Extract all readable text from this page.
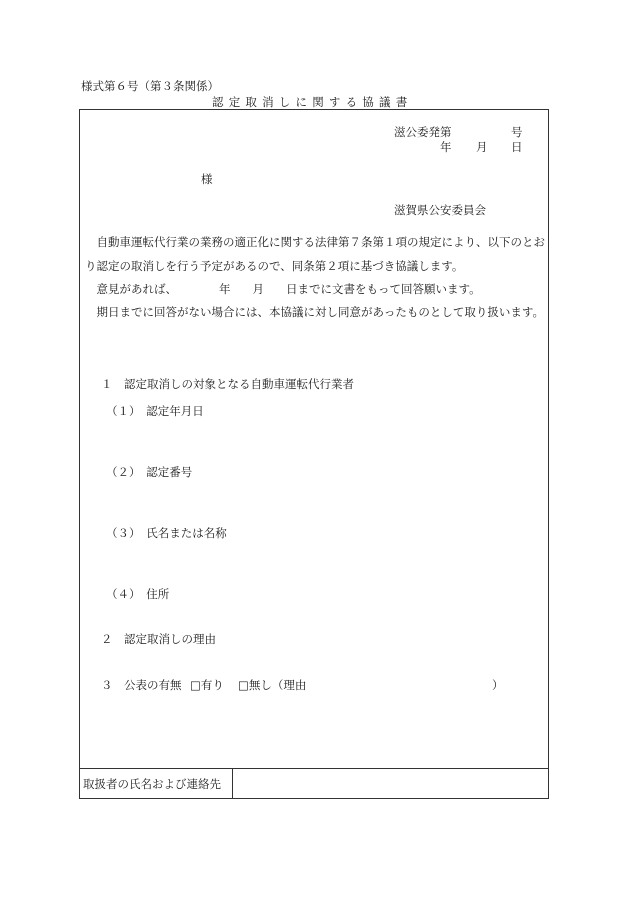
様式第６号（第３条関係）
認定取消しに関する協議書
滋公委発第	号
年 月 日
様
滋賀県公安委員会
自動車運転代行業の業務の適正化に関する法律第７条第１項の規定により、以下のとおり認定の取消しを行う予定があるので、同条第２項に基づき協議します。
意見があれば、	年 月 日までに文書をもって回答願います。
期日までに回答がない場合には、本協議に対し同意があったものとして取り扱います。
１　認定取消しの対象となる自動車運転代行業者
（１）　認定年月日
（２）　認定番号
（３）　氏名または名称
（４）　住所
２　認定取消しの理由
３　公表の有無 □有り □無し（理由	）
取扱者の氏名および連絡先
